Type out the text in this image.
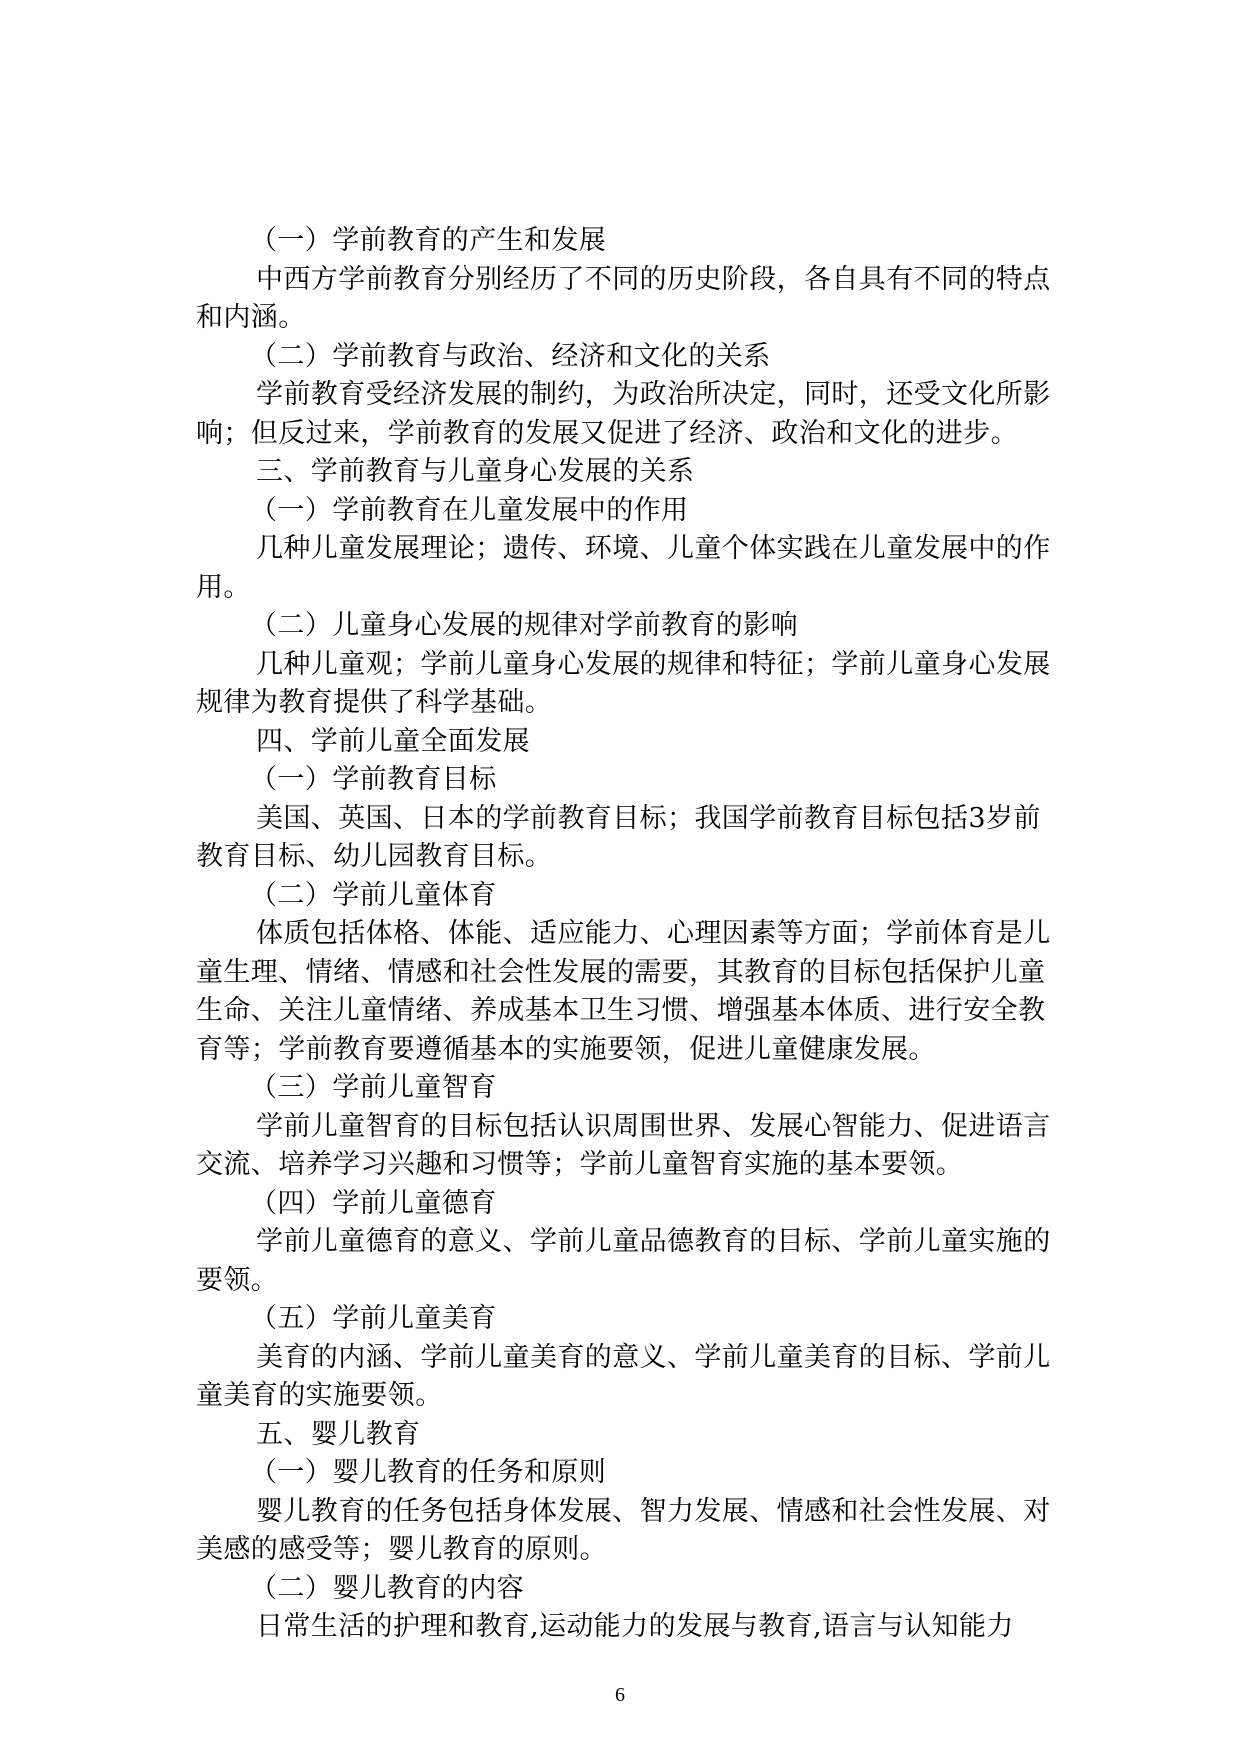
（一）学前教育的产生和发展
中西方学前教育分别经历了不同的历史阶段，各自具有不同的特点
和内涵。
（二）学前教育与政治、经济和文化的关系
学前教育受经济发展的制约，为政治所决定，同时，还受文化所影
响；但反过来，学前教育的发展又促进了经济、政治和文化的进步。
三、学前教育与儿童身心发展的关系
（一）学前教育在儿童发展中的作用
几种儿童发展理论；遗传、环境、儿童个体实践在儿童发展中的作
用。
（二）儿童身心发展的规律对学前教育的影响
几种儿童观；学前儿童身心发展的规律和特征；学前儿童身心发展
规律为教育提供了科学基础。
四、学前儿童全面发展
（一）学前教育目标
美国、英国、日本的学前教育目标；我国学前教育目标包括3岁前
教育目标、幼儿园教育目标。
（二）学前儿童体育
体质包括体格、体能、适应能力、心理因素等方面；学前体育是儿
童生理、情绪、情感和社会性发展的需要，其教育的目标包括保护儿童
生命、关注儿童情绪、养成基本卫生习惯、增强基本体质、进行安全教
育等；学前教育要遵循基本的实施要领，促进儿童健康发展。
（三）学前儿童智育
学前儿童智育的目标包括认识周围世界、发展心智能力、促进语言
交流、培养学习兴趣和习惯等；学前儿童智育实施的基本要领。
（四）学前儿童德育
学前儿童德育的意义、学前儿童品德教育的目标、学前儿童实施的
要领。
（五）学前儿童美育
美育的内涵、学前儿童美育的意义、学前儿童美育的目标、学前儿
童美育的实施要领。
五、婴儿教育
（一）婴儿教育的任务和原则
婴儿教育的任务包括身体发展、智力发展、情感和社会性发展、对
美感的感受等；婴儿教育的原则。
（二）婴儿教育的内容
日常生活的护理和教育,运动能力的发展与教育,语言与认知能力
6
